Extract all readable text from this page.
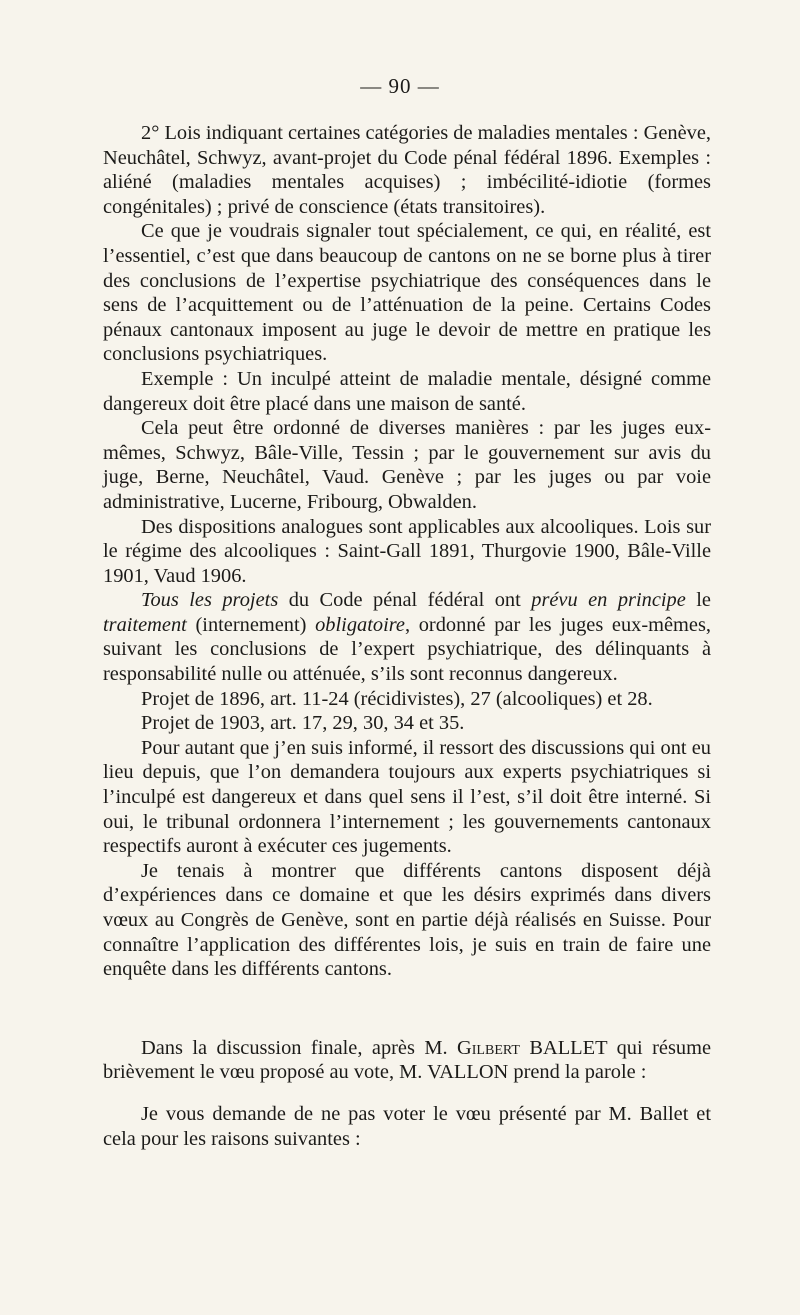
— 90 —

2° Lois indiquant certaines catégories de maladies mentales : Genève, Neuchâtel, Schwyz, avant-projet du Code pénal fédéral 1896. Exemples : aliéné (maladies mentales acquises) ; imbécilité-idiotie (formes congénitales) ; privé de conscience (états transitoires).

Ce que je voudrais signaler tout spécialement, ce qui, en réalité, est l’essentiel, c’est que dans beaucoup de cantons on ne se borne plus à tirer des conclusions de l’expertise psychiatrique des conséquences dans le sens de l’acquittement ou de l’atténuation de la peine. Certains Codes pénaux cantonaux imposent au juge le devoir de mettre en pratique les conclusions psychiatriques.

Exemple : Un inculpé atteint de maladie mentale, désigné comme dangereux doit être placé dans une maison de santé.

Cela peut être ordonné de diverses manières : par les juges eux-mêmes, Schwyz, Bâle-Ville, Tessin ; par le gouvernement sur avis du juge, Berne, Neuchâtel, Vaud. Genève ; par les juges ou par voie administrative, Lucerne, Fribourg, Obwalden.

Des dispositions analogues sont applicables aux alcooliques. Lois sur le régime des alcooliques : Saint-Gall 1891, Thurgovie 1900, Bâle-Ville 1901, Vaud 1906.

Tous les projets du Code pénal fédéral ont prévu en principe le traitement (internement) obligatoire, ordonné par les juges eux-mêmes, suivant les conclusions de l’expert psychiatrique, des délinquants à responsabilité nulle ou atténuée, s’ils sont reconnus dangereux.

Projet de 1896, art. 11-24 (récidivistes), 27 (alcooliques) et 28.

Projet de 1903, art. 17, 29, 30, 34 et 35.

Pour autant que j’en suis informé, il ressort des discussions qui ont eu lieu depuis, que l’on demandera toujours aux experts psychiatriques si l’inculpé est dangereux et dans quel sens il l’est, s’il doit être interné. Si oui, le tribunal ordonnera l’internement ; les gouvernements cantonaux respectifs auront à exécuter ces jugements.

Je tenais à montrer que différents cantons disposent déjà d’expériences dans ce domaine et que les désirs exprimés dans divers vœux au Congrès de Genève, sont en partie déjà réalisés en Suisse. Pour connaître l’application des différentes lois, je suis en train de faire une enquête dans les différents cantons.

Dans la discussion finale, après M. Gilbert BALLET qui résume brièvement le vœu proposé au vote, M. VALLON prend la parole :

Je vous demande de ne pas voter le vœu présenté par M. Ballet et cela pour les raisons suivantes :
